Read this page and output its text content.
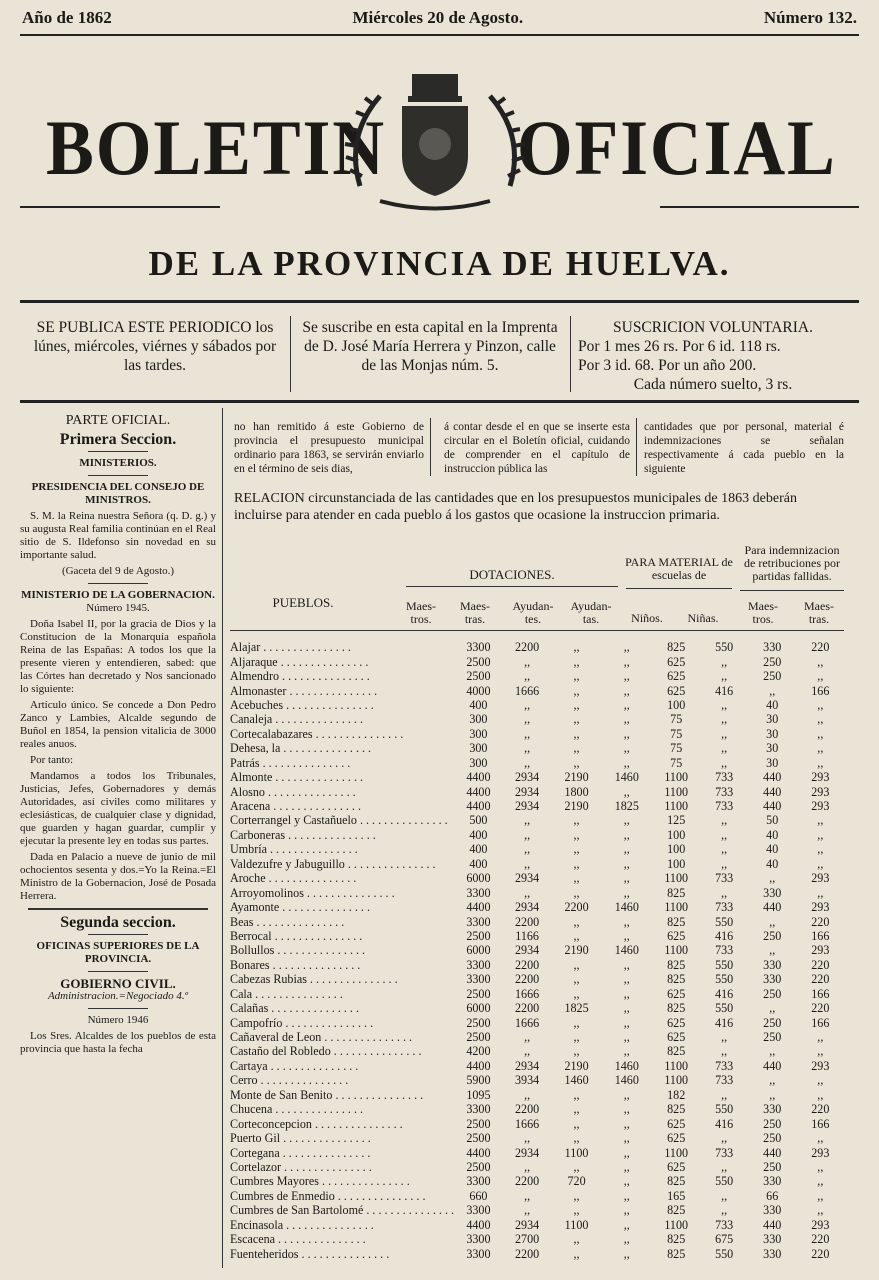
Año de 1862	Miércoles 20 de Agosto.	Número 132.
BOLETIN OFICIAL
DE LA PROVINCIA DE HUELVA.
SE PUBLICA ESTE PERIODICO los lúnes, miércoles, viérnes y sábados por las tardes.
Se suscribe en esta capital en la Imprenta de D. José María Herrera y Pinzon, calle de las Monjas núm. 5.
SUSCRICION VOLUNTARIA.
Por 1 mes 26 rs. Por 6 id. 118 rs.
Por 3 id. 68. Por un año 200.
Cada número suelto, 3 rs.
PARTE OFICIAL.
Primera Seccion.
MINISTERIOS.
PRESIDENCIA DEL CONSEJO DE MINISTROS.

S. M. la Reina nuestra Señora (q. D. g.) y su augusta Real familia continúan en el Real sitio de S. Ildefonso sin novedad en su importante salud.

(Gaceta del 9 de Agosto.)
MINISTERIO DE LA GOBERNACION.
Número 1945.

Doña Isabel II, por la gracia de Dios y la Constitucion de la Monarquía española Reina de las Españas: A todos los que la presente vieren y entendieren, sabed: que las Córtes han decretado y Nos sancionado lo siguiente:

Artículo único. Se concede a Don Pedro Zanco y Lambies, Alcalde segundo de Buñol en 1854, la pension vitalicia de 3000 reales anuos.

Por tanto:

Mandamos a todos los Tribunales, Justicias, Jefes, Gobernadores y demás Autoridades, así civiles como militares y eclesiásticas, de cualquier clase y dignidad, que guarden y hagan guardar, cumplir y ejecutar la presente ley en todas sus partes.

Dada en Palacio a nueve de junio de mil ochocientos sesenta y dos.=Yo la Reina.=El Ministro de la Gobernacion, José de Posada Herrera.

Segunda seccion.
OFICINAS SUPERIORES DE LA PROVINCIA.
GOBIERNO CIVIL.
Administracion.=Negociado 4.º
Número 1946

Los Sres. Alcaldes de los pueblos de esta provincia que hasta la fecha

no han remitido á este Gobierno de provincia el presupuesto municipal ordinario para 1863, se servirán enviarlo en el término de seis dias,
á contar desde el en que se inserte esta circular en el Boletín oficial, cuidando de comprender en el capítulo de instruccion pública las
cantidades que por personal, material é indemnizaciones se señalan respectivamente á cada pueblo en la siguiente
RELACION circunstanciada de las cantidades que en los presupuestos municipales de 1863 deberán incluirse para atender en cada pueblo á los gastos que ocasione la instruccion primaria.
PUEBLOS.
DOTACIONES.
PARA MATERIAL de escuelas de
Para indemnizacion de retribuciones por partidas fallidas.
Maes-tros.
Maes-tras.
Ayudan-tes.
Ayudan-tas.	Niños.	Niñas.
Maes-tros.
Maes-tras.
Alajar . . . . . . . . . . . . . . .	3300	2200	,,	,,	825	550	330	220
Aljaraque . . . . . . . . . . . . . . .	2500	,,	,,	,,	625	,,	250	,,
Almendro . . . . . . . . . . . . . . .	2500	,,	,,	,,	625	,,	250	,,
Almonaster . . . . . . . . . . . . . . .	4000	1666	,,	,,	625	416	,,	166
Acebuches . . . . . . . . . . . . . . .	400	,,	,,	,,	100	,,	40	,,
Canaleja . . . . . . . . . . . . . . .	300	,,	,,	,,	75	,,	30	,,
Cortecalabazares . . . . . . . . . . . . . . .	300	,,	,,	,,	75	,,	30	,,
Dehesa, la . . . . . . . . . . . . . . .	300	,,	,,	,,	75	,,	30	,,
Patrás . . . . . . . . . . . . . . .	300	,,	,,	,,	75	,,	30	,,
Almonte . . . . . . . . . . . . . . .	4400	2934	2190	1460	1100	733	440	293
Alosno . . . . . . . . . . . . . . .	4400	2934	1800	,,	1100	733	440	293
Aracena . . . . . . . . . . . . . . .	4400	2934	2190	1825	1100	733	440	293
Corterrangel y Castañuelo . . . . . . . . . . . . . . .	500	,,	,,	,,	125	,,	50	,,
Carboneras . . . . . . . . . . . . . . .	400	,,	,,	,,	100	,,	40	,,
Umbría . . . . . . . . . . . . . . .	400	,,	,,	,,	100	,,	40	,,
Valdezufre y Jabuguillo . . . . . . . . . . . . . . .	400	,,	,,	,,	100	,,	40	,,
Aroche . . . . . . . . . . . . . . .	6000	2934	,,	,,	1100	733	,,	293
Arroyomolinos . . . . . . . . . . . . . . .	3300	,,	,,	,,	825	,,	330	,,
Ayamonte . . . . . . . . . . . . . . .	4400	2934	2200	1460	1100	733	440	293
Beas . . . . . . . . . . . . . . .	3300	2200	,,	,,	825	550	,,	220
Berrocal . . . . . . . . . . . . . . .	2500	1166	,,	,,	625	416	250	166
Bollullos . . . . . . . . . . . . . . .	6000	2934	2190	1460	1100	733	,,	293
Bonares . . . . . . . . . . . . . . .	3300	2200	,,	,,	825	550	330	220
Cabezas Rubias . . . . . . . . . . . . . . .	3300	2200	,,	,,	825	550	330	220
Cala . . . . . . . . . . . . . . .	2500	1666	,,	,,	625	416	250	166
Calañas . . . . . . . . . . . . . . .	6000	2200	1825	,,	825	550	,,	220
Campofrío . . . . . . . . . . . . . . .	2500	1666	,,	,,	625	416	250	166
Cañaveral de Leon . . . . . . . . . . . . . . .	2500	,,	,,	,,	625	,,	250	,,
Castaño del Robledo . . . . . . . . . . . . . . .	4200	,,	,,	,,	825	,,	,,	,,
Cartaya . . . . . . . . . . . . . . .	4400	2934	2190	1460	1100	733	440	293
Cerro . . . . . . . . . . . . . . .	5900	3934	1460	1460	1100	733	,,	,,
Monte de San Benito . . . . . . . . . . . . . . .	1095	,,	,,	,,	182	,,	,,	,,
Chucena . . . . . . . . . . . . . . .	3300	2200	,,	,,	825	550	330	220
Corteconcepcion . . . . . . . . . . . . . . .	2500	1666	,,	,,	625	416	250	166
Puerto Gil . . . . . . . . . . . . . . .	2500	,,	,,	,,	625	,,	250	,,
Cortegana . . . . . . . . . . . . . . .	4400	2934	1100	,,	1100	733	440	293
Cortelazor . . . . . . . . . . . . . . .	2500	,,	,,	,,	625	,,	250	,,
Cumbres Mayores . . . . . . . . . . . . . . .	3300	2200	720	,,	825	550	330	,,
Cumbres de Enmedio . . . . . . . . . . . . . . .	660	,,	,,	,,	165	,,	66	,,
Cumbres de San Bartolomé . . . . . . . . . . . . . . .	3300	,,	,,	,,	825	,,	330	,,
Encinasola . . . . . . . . . . . . . . .	4400	2934	1100	,,	1100	733	440	293
Escacena . . . . . . . . . . . . . . .	3300	2700	,,	,,	825	675	330	220
Fuenteheridos . . . . . . . . . . . . . . .	3300	2200	,,	,,	825	550	330	220
